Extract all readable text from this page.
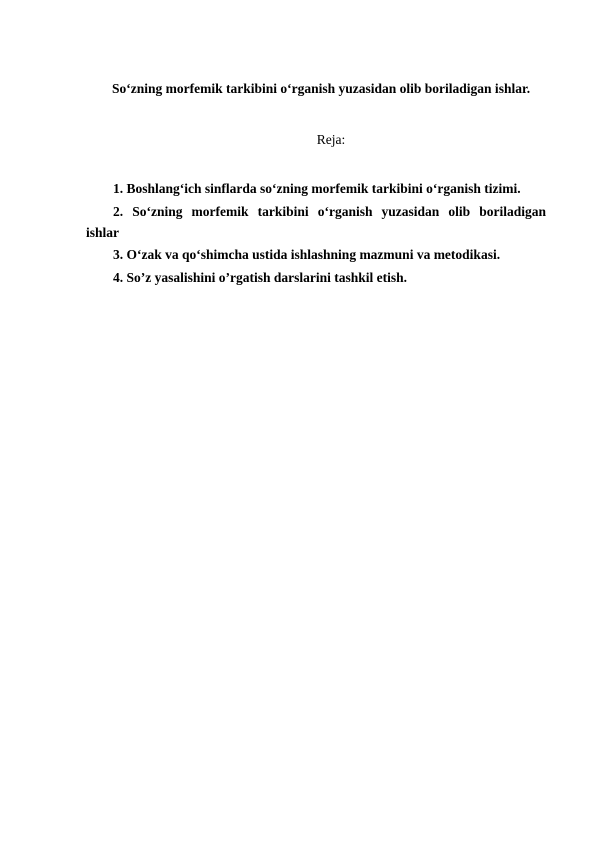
So‘zning morfemik tarkibini o‘rganish yuzasidan olib boriladigan ishlar.
Reja:
1. Boshlang‘ich sinflarda so‘zning morfemik tarkibini o‘rganish tizimi.
2. So‘zning morfemik tarkibini o‘rganish yuzasidan olib boriladigan
ishlar
3. O‘zak va qo‘shimcha ustida ishlashning mazmuni va metodikasi.
4. So’z yasalishini o’rgatish darslarini tashkil etish.
